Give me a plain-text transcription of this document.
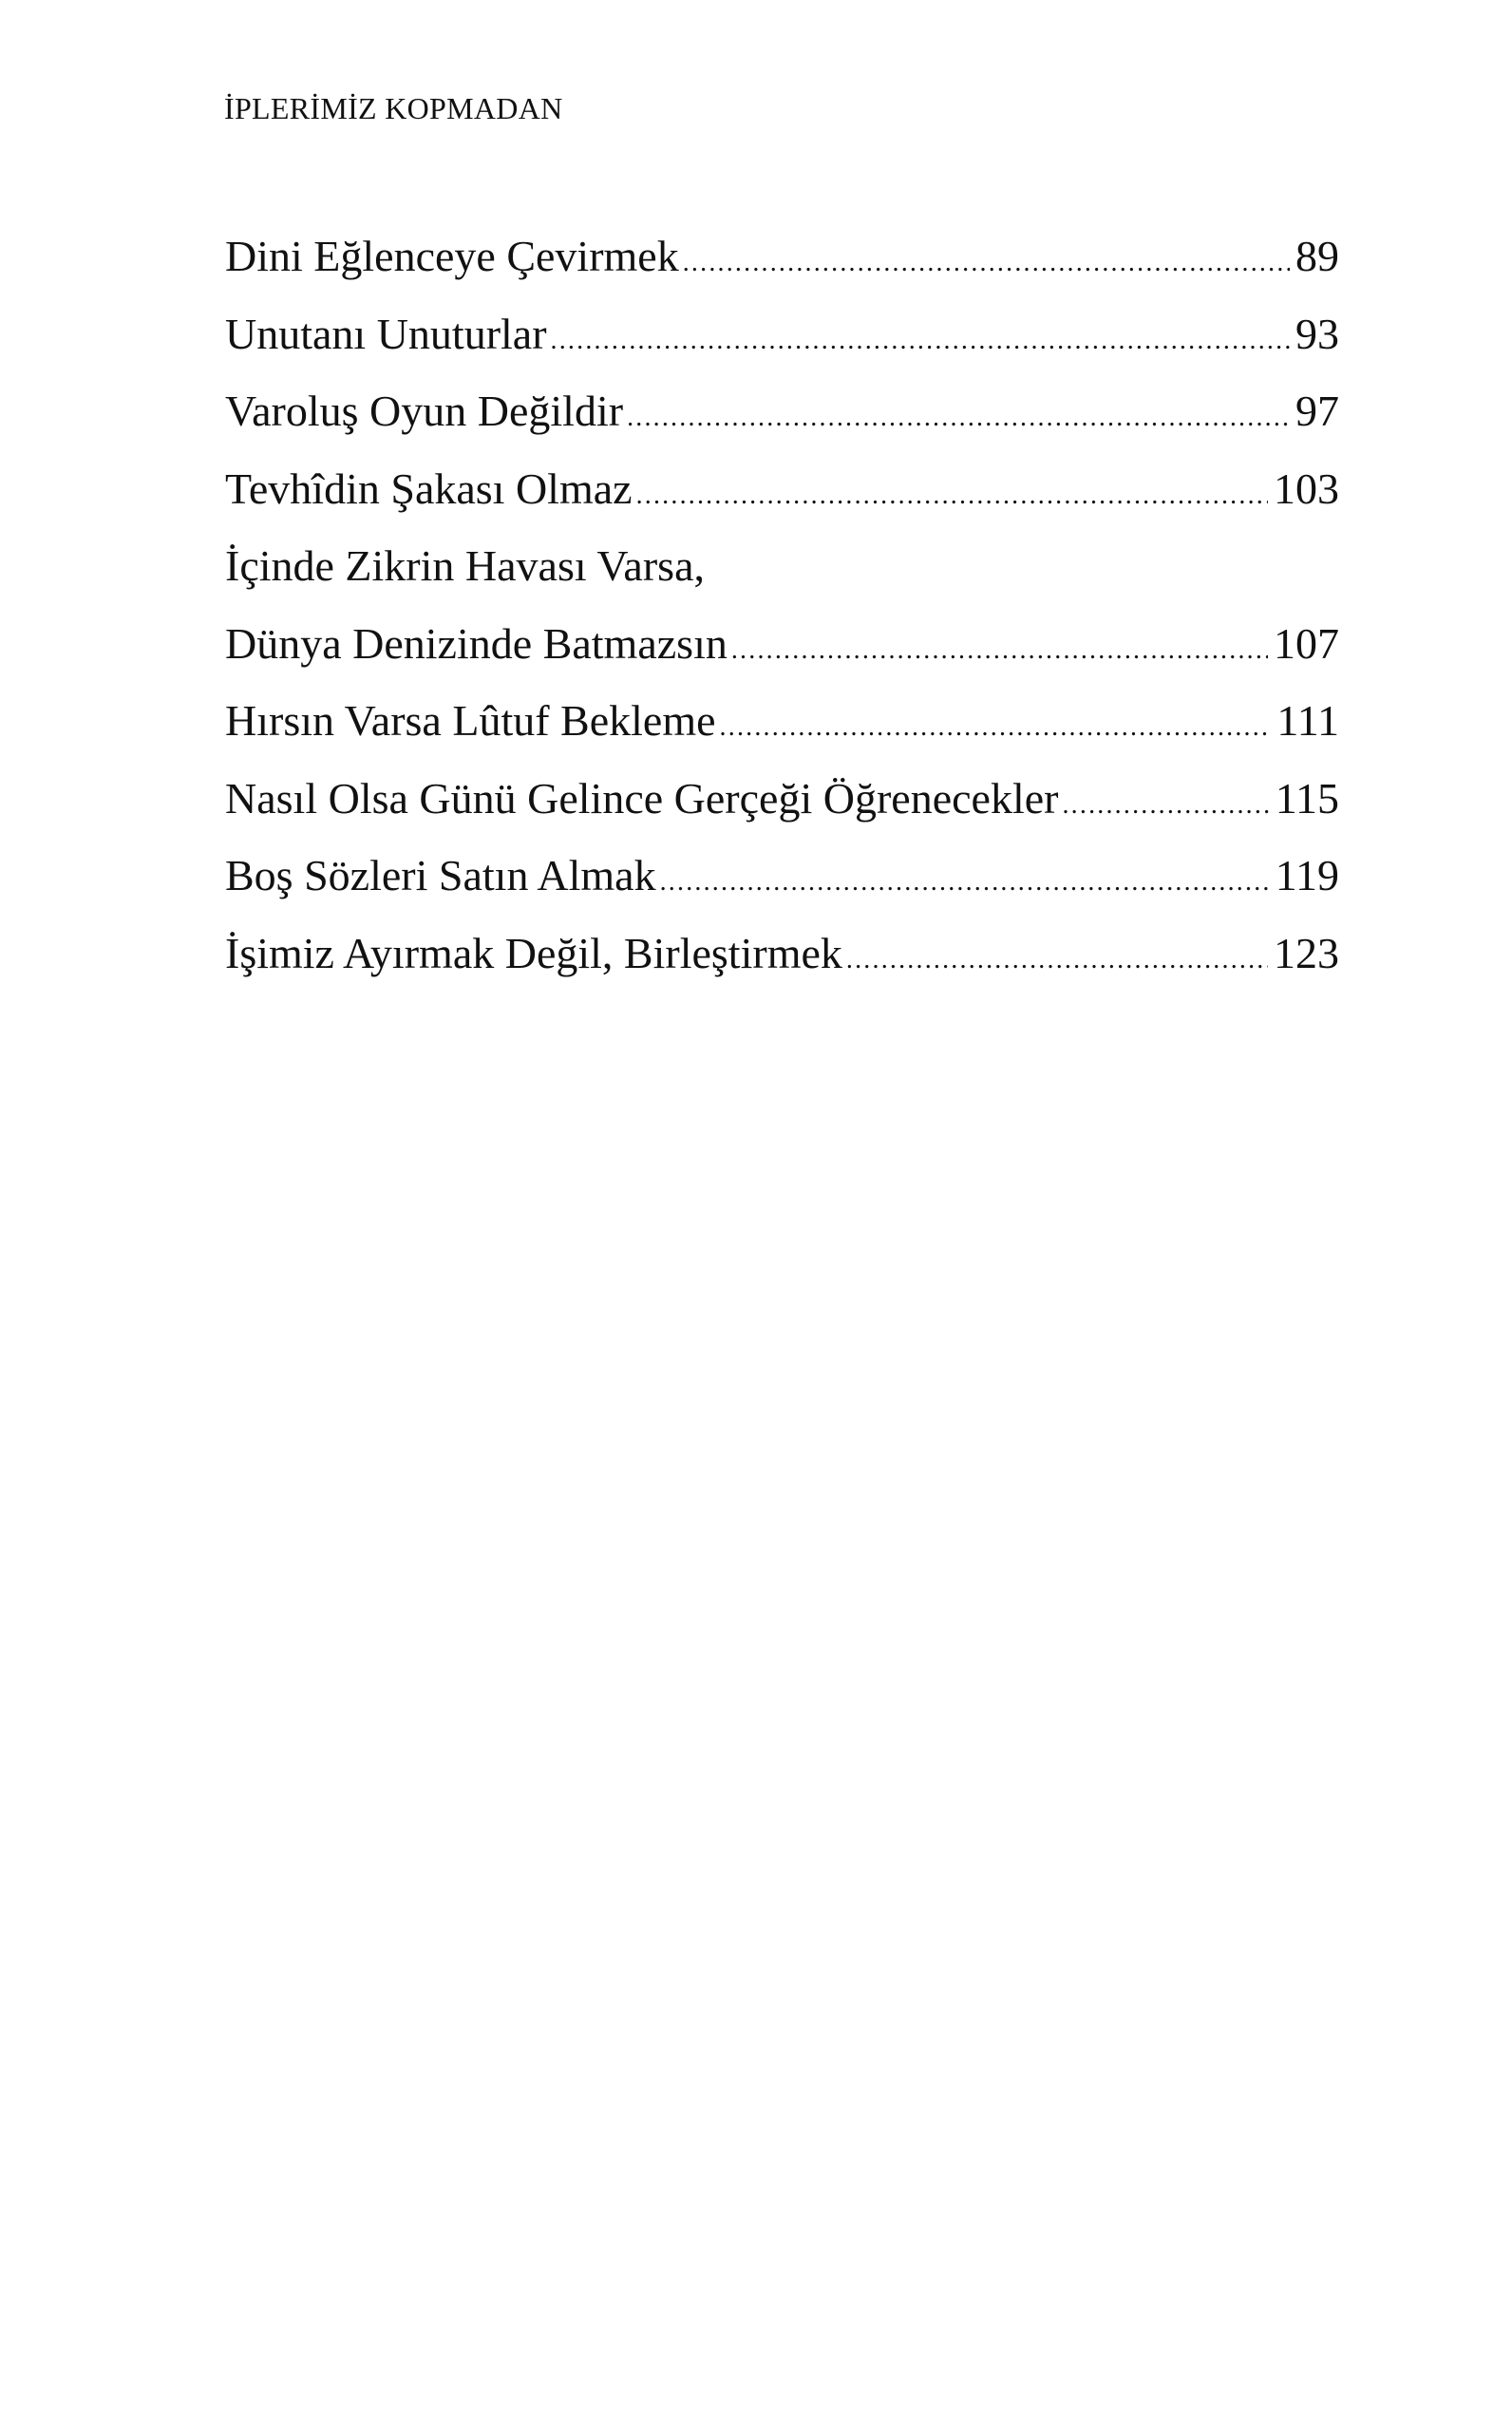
İPLERİMİZ KOPMADAN
Dini Eğlenceye Çevirmek .....	89
Unutanı Unuturlar .....	93
Varoluş Oyun Değildir .....	97
Tevhîdin Şakası Olmaz .....	103
İçinde Zikrin Havası Varsa,
Dünya Denizinde Batmazsın .....	107
Hırsın Varsa Lûtuf Bekleme .....	111
Nasıl Olsa Günü Gelince Gerçeği Öğrenecekler .....	115
Boş Sözleri Satın Almak .....	119
İşimiz Ayırmak Değil, Birleştirmek .....	123
